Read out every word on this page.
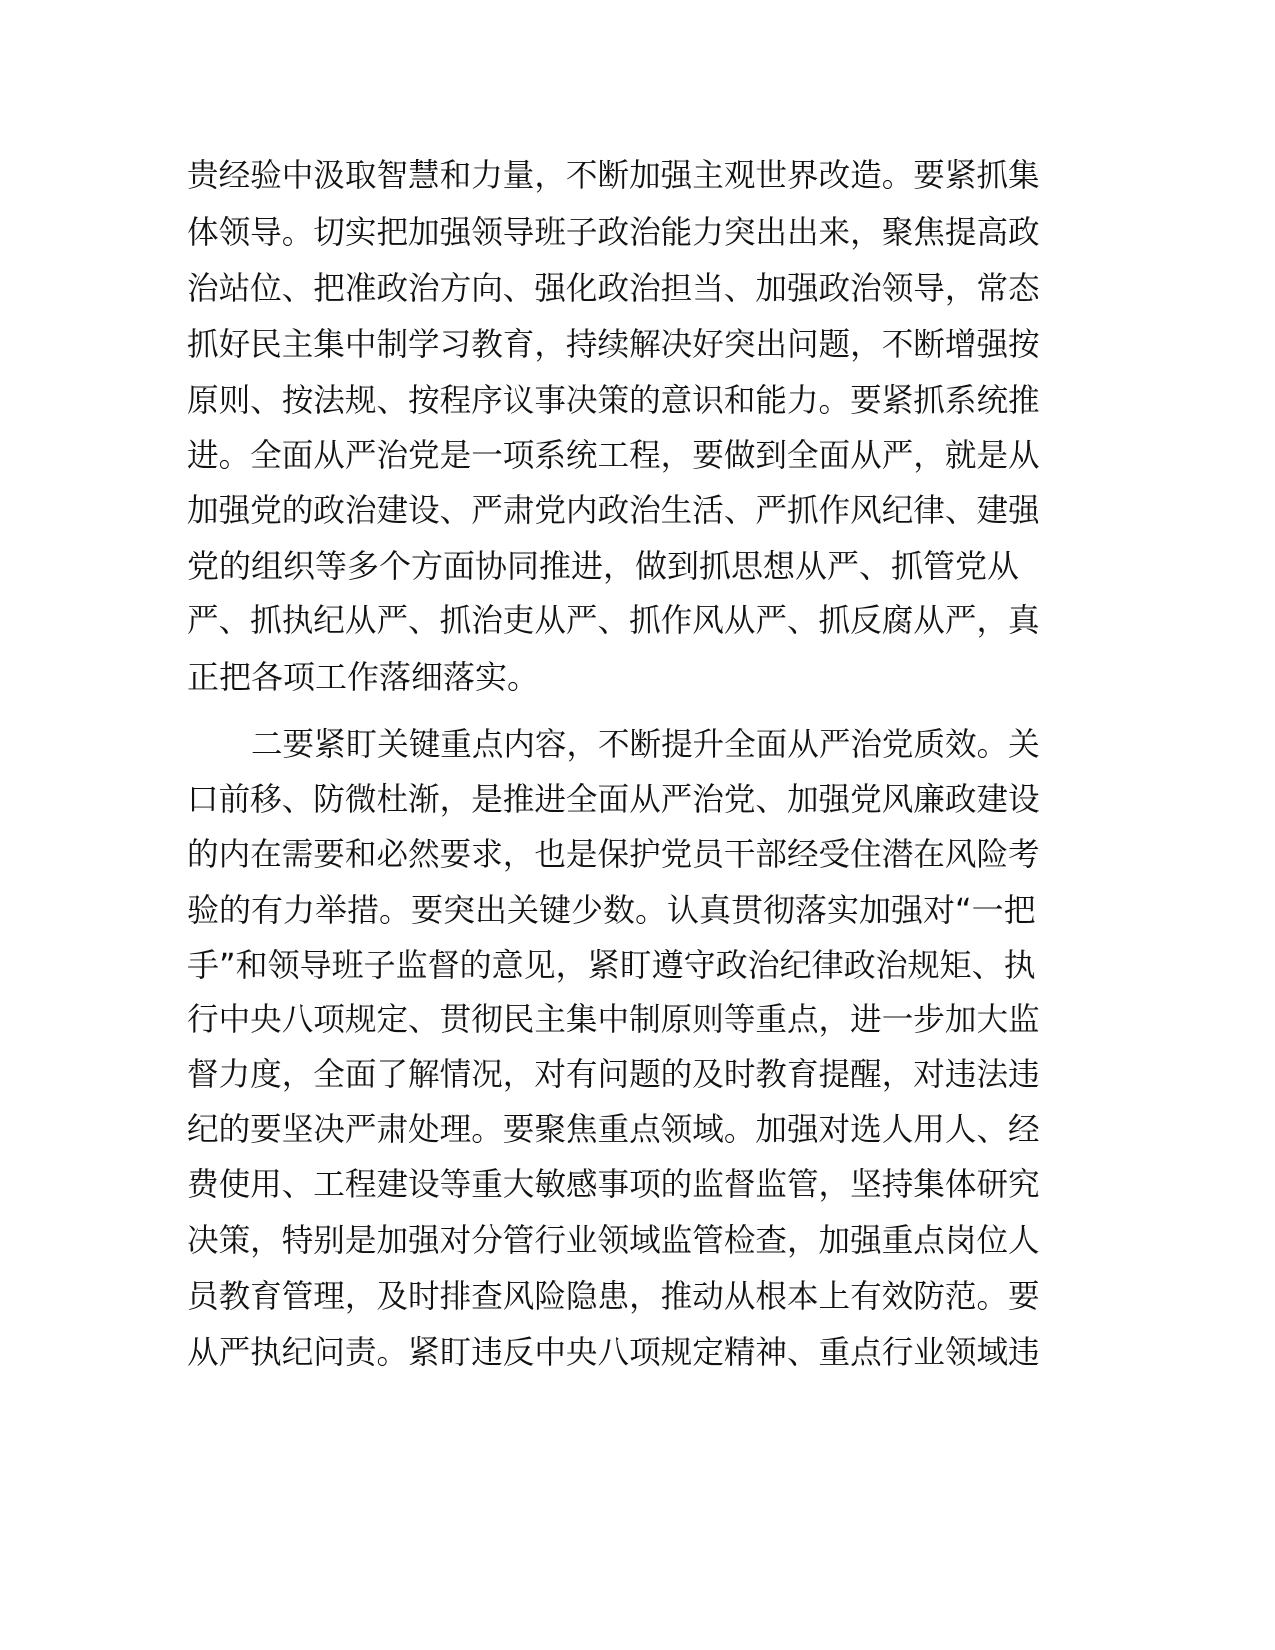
贵经验中汲取智慧和力量，不断加强主观世界改造。要紧抓集

体领导。切实把加强领导班子政治能力突出出来，聚焦提高政

治站位、把准政治方向、强化政治担当、加强政治领导，常态

抓好民主集中制学习教育，持续解决好突出问题，不断增强按

原则、按法规、按程序议事决策的意识和能力。要紧抓系统推

进。全面从严治党是一项系统工程，要做到全面从严，就是从

加强党的政治建设、严肃党内政治生活、严抓作风纪律、建强

党的组织等多个方面协同推进，做到抓思想从严、抓管党从

严、抓执纪从严、抓治吏从严、抓作风从严、抓反腐从严，真

正把各项工作落细落实。

二要紧盯关键重点内容，不断提升全面从严治党质效。关

口前移、防微杜渐，是推进全面从严治党、加强党风廉政建设

的内在需要和必然要求，也是保护党员干部经受住潜在风险考

验的有力举措。要突出关键少数。认真贯彻落实加强对“一把

手”和领导班子监督的意见，紧盯遵守政治纪律政治规矩、执

行中央八项规定、贯彻民主集中制原则等重点，进一步加大监

督力度，全面了解情况，对有问题的及时教育提醒，对违法违

纪的要坚决严肃处理。要聚焦重点领域。加强对选人用人、经

费使用、工程建设等重大敏感事项的监督监管，坚持集体研究

决策，特别是加强对分管行业领域监管检查，加强重点岗位人

员教育管理，及时排查风险隐患，推动从根本上有效防范。要

从严执纪问责。紧盯违反中央八项规定精神、重点行业领域违
